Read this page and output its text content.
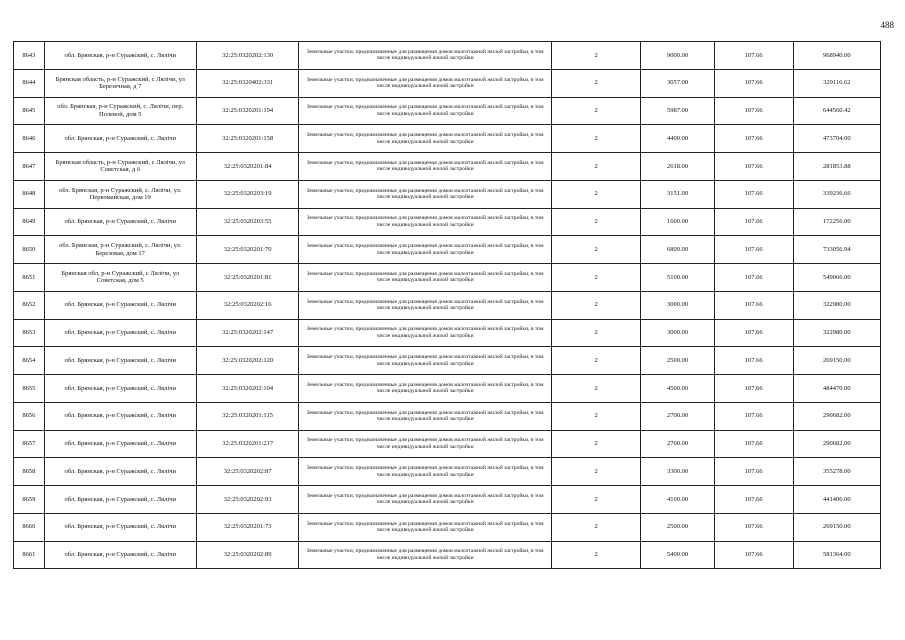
488
8643	обл. Брянская, р-н Суражский, с. Лялічи	32:25:0320202:130	Земельные участки, предназначенные для размещения домов малоэтажной жилой застройки, в том числе индивидуальной жилой застройки	2	9000.00	107.66	968940.00
8644	Брянская область, р-н Суражский, с Лялічи, ул Березечная, д 7	32:25:0320402:331	Земельные участки, предназначенные для размещения домов малоэтажной жилой застройки, в том числе индивидуальной жилой застройки	2	3057.00	107.66	329116.62
8645	обл. Брянская, р-н Суражский, с. Лялічи, пер. Полевой, дом 5	32:25:0320201:194	Земельные участки, предназначенные для размещения домов малоэтажной жилой застройки, в том числе индивидуальной жилой застройки	2	5987.00	107.66	644560.42
8646	обл. Брянская, р-н Суражский, с. Лялічи	32:25:0320201:158	Земельные участки, предназначенные для размещения домов малоэтажной жилой застройки, в том числе индивидуальной жилой застройки	2	4400.00	107.66	473704.00
8647	Брянская область, р-н Суражский, с Лялічи, ул Советская, д 6	32:25:0320201:84	Земельные участки, предназначенные для размещения домов малоэтажной жилой застройки, в том числе индивидуальной жилой застройки	2	2618.00	107.66	281853.88
8648	обл. Брянская, р-н Суражский, с. Лялічи, ул. Первомайская, дом 19	32:25:0320203:19	Земельные участки, предназначенные для размещения домов малоэтажной жилой застройки, в том числе индивидуальной жилой застройки	2	3151.00	107.66	339236.66
8649	обл. Брянская, р-н Суражский, с. Лялічи	32:25:0320203:55	Земельные участки, предназначенные для размещения домов малоэтажной жилой застройки, в том числе индивидуальной жилой застройки	2	1600.00	107.66	172256.00
8650	обл. Брянская, р-н Суражский, с. Лялічи, ул. Березовая, дом 17	32:25:0320201:70	Земельные участки, предназначенные для размещения домов малоэтажной жилой застройки, в том числе индивидуальной жилой застройки	2	6809.00	107.66	733056.94
8651	Брянская обл, р-н Суражский, с Лялічи, ул Советская, дом 5	32:25:0320201:81	Земельные участки, предназначенные для размещения домов малоэтажной жилой застройки, в том числе индивидуальной жилой застройки	2	5100.00	107.66	549066.00
8652	обл. Брянская, р-н Суражский, с. Лялічи	32:25:0320202:16	Земельные участки, предназначенные для размещения домов малоэтажной жилой застройки, в том числе индивидуальной жилой застройки	2	3000.00	107.66	322980.00
8653	обл. Брянская, р-н Суражский, с. Лялічи	32:25:0320202:147	Земельные участки, предназначенные для размещения домов малоэтажной жилой застройки, в том числе индивидуальной жилой застройки	2	3000.00	107.66	322980.00
8654	обл. Брянская, р-н Суражский, с. Лялічи	32:25:0320202:120	Земельные участки, предназначенные для размещения домов малоэтажной жилой застройки, в том числе индивидуальной жилой застройки	2	2500.00	107.66	269150.00
8655	обл. Брянская, р-н Суражский, с. Лялічи	32:25:0320202:104	Земельные участки, предназначенные для размещения домов малоэтажной жилой застройки, в том числе индивидуальной жилой застройки	2	4500.00	107.66	484470.00
8656	обл. Брянская, р-н Суражский, с. Лялічи	32:25:0320201:115	Земельные участки, предназначенные для размещения домов малоэтажной жилой застройки, в том числе индивидуальной жилой застройки	2	2700.00	107.66	290682.00
8657	обл. Брянская, р-н Суражский, с. Лялічи	32:25:0320201:217	Земельные участки, предназначенные для размещения домов малоэтажной жилой застройки, в том числе индивидуальной жилой застройки	2	2700.00	107.66	290682.00
8658	обл. Брянская, р-н Суражский, с. Лялічи	32:25:0320202:87	Земельные участки, предназначенные для размещения домов малоэтажной жилой застройки, в том числе индивидуальной жилой застройки	2	3300.00	107.66	355278.00
8659	обл. Брянская, р-н Суражский, с. Лялічи	32:25:0320202:93	Земельные участки, предназначенные для размещения домов малоэтажной жилой застройки, в том числе индивидуальной жилой застройки	2	4100.00	107.66	441406.00
8660	обл. Брянская, р-н Суражский, с. Лялічи	32:25:0320201:73	Земельные участки, предназначенные для размещения домов малоэтажной жилой застройки, в том числе индивидуальной жилой застройки	2	2500.00	107.66	269150.00
8661	обл. Брянская, р-н Суражский, с. Лялічи	32:25:0320202:89	Земельные участки, предназначенные для размещения домов малоэтажной жилой застройки, в том числе индивидуальной жилой застройки	2	5400.00	107.66	581364.00
